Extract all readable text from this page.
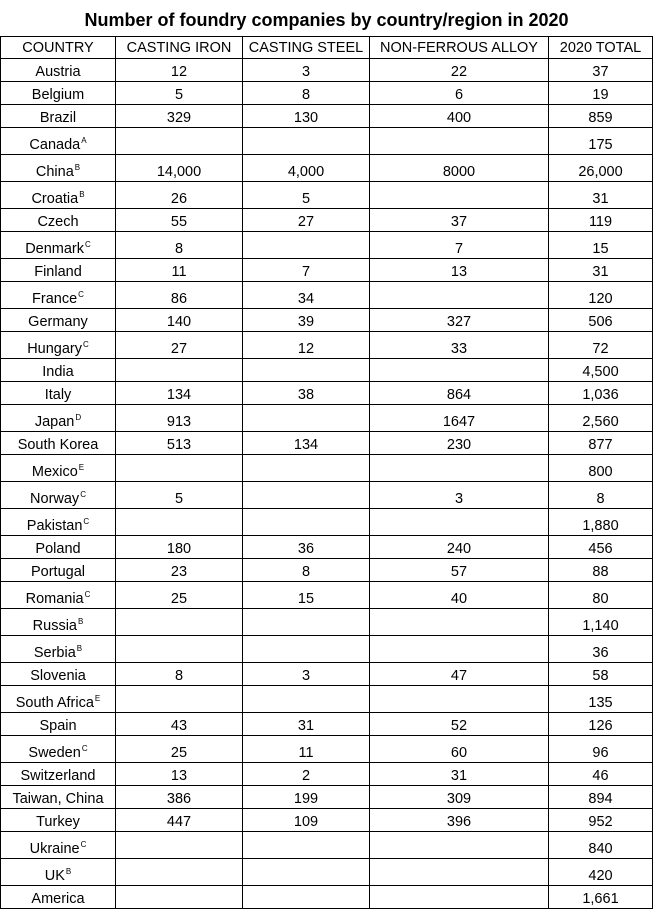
Number of foundry companies by country/region in 2020
COUNTRY	CASTING IRON	CASTING STEEL	NON-FERROUS ALLOY	2020 TOTAL
Austria	12	3	22	37
Belgium	5	8	6	19
Brazil	329	130	400	859
Canada$^A$				175
China$^B$	14,000	4,000	8000	26,000
Croatia$^B$	26	5		31
Czech	55	27	37	119
Denmark$^C$	8		7	15
Finland	11	7	13	31
France$^C$	86	34		120
Germany	140	39	327	506
Hungary$^C$	27	12	33	72
India				4,500
Italy	134	38	864	1,036
Japan$^D$	913		1647	2,560
South Korea	513	134	230	877
Mexico$^E$				800
Norway$^C$	5		3	8
Pakistan$^C$				1,880
Poland	180	36	240	456
Portugal	23	8	57	88
Romania$^C$	25	15	40	80
Russia$^B$				1,140
Serbia$^B$				36
Slovenia	8	3	47	58
South Africa$^E$				135
Spain	43	31	52	126
Sweden$^C$	25	11	60	96
Switzerland	13	2	31	46
Taiwan, China	386	199	309	894
Turkey	447	109	396	952
Ukraine$^C$				840
$UK^B$				420
America				1,661
